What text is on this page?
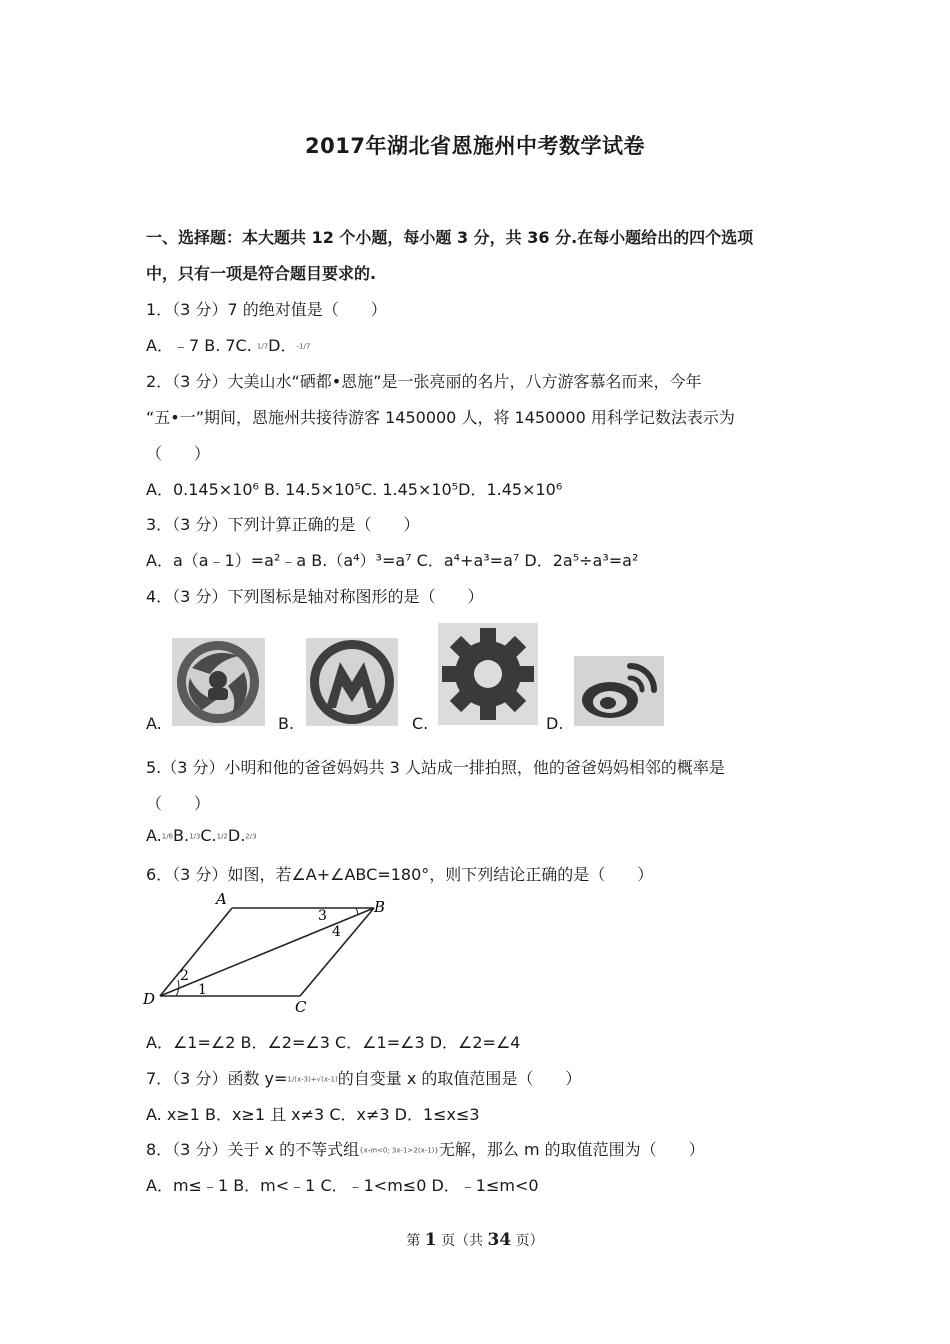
2017年湖北省恩施州中考数学试卷
一、选择题：本大题共 12 个小题，每小题 3 分，共 36 分.在每小题给出的四个选项
中，只有一项是符合题目要求的.
1．（3 分）7 的绝对值是（　　）
A．﹣7 B. 7C. 1/7D．-1/7
2．（3 分）大美山水“硒都•恩施”是一张亮丽的名片，八方游客慕名而来，今年
“五•一”期间，恩施州共接待游客 1450000 人，将 1450000 用科学记数法表示为
（　　）
A．0.145×10⁶ B. 14.5×10⁵C. 1.45×10⁵D．1.45×10⁶
3．（3 分）下列计算正确的是（　　）
A．a（a﹣1）=a²﹣a B.（a⁴）³=a⁷ C．a⁴+a³=a⁷ D．2a⁵÷a³=a²
4．（3 分）下列图标是轴对称图形的是（　　）
A.	B.	C.	D.
5.（3 分）小明和他的爸爸妈妈共 3 人站成一排拍照，他的爸爸妈妈相邻的概率是
（　　）
A.1/6B.1/3C.1/2D.2/3
6．（3 分）如图，若∠A+∠ABC=180°，则下列结论正确的是（　　）
A	B
C
D	1
2
3
4
A．∠1=∠2 B．∠2=∠3 C．∠1=∠3 D．∠2=∠4
7．（3 分）函数 y=1/(x-3)+√(x-1)的自变量 x 的取值范围是（　　）
A. x≥1 B．x≥1 且 x≠3 C．x≠3 D．1≤x≤3
8．（3 分）关于 x 的不等式组{x-m<0; 3x-1>2(x-1)}无解，那么 m 的取值范围为（　　）
A．m≤﹣1 B．m<﹣1 C．﹣1<m≤0 D．﹣1≤m<0
第 1 页（共 34 页）
